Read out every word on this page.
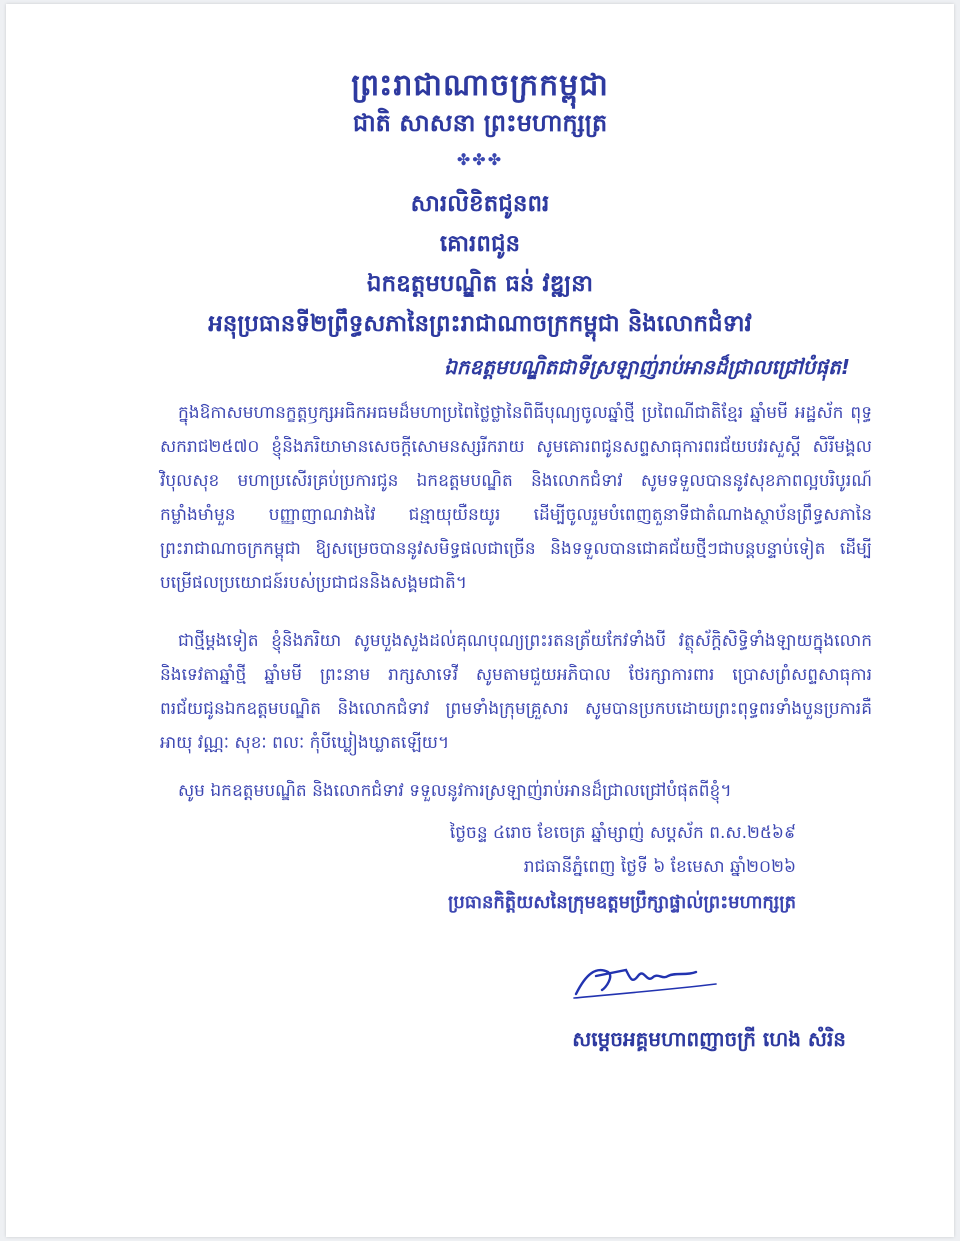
ព្រះរាជាណាចក្រកម្ពុជា
ជាតិ សាសនា ព្រះមហាក្សត្រ
✤✤✤
សារលិខិតជូនពរ
គោរពជូន
ឯកឧត្តមបណ្ឌិត ធន់ វឌ្ឍនា
អនុប្រធានទី២ព្រឹទ្ធសភានៃព្រះរាជាណាចក្រកម្ពុជា និងលោកជំទាវ
ឯកឧត្តមបណ្ឌិតជាទីស្រឡាញ់រាប់អានដ៏ជ្រាលជ្រៅបំផុត!
ក្នុងឱកាសមហានក្ខត្តឫក្សអធិកអធមដ៏មហាប្រពៃថ្លៃថ្លានៃពិធីបុណ្យចូលឆ្នាំថ្មី ប្រពៃណីជាតិខ្មែរ ឆ្នាំមមី អដ្ឋស័ក ពុទ្ធសករាជ២៥៧០ ខ្ញុំនិងភរិយាមានសេចក្តីសោមនស្សរីករាយ សូមគោរពជូនសព្ទសាធុការពរជ័យបវរសួស្តី សិរីមង្គល វិបុលសុខ មហាប្រសើរគ្រប់ប្រការជូន ឯកឧត្តមបណ្ឌិត និងលោកជំទាវ សូមទទួលបាននូវសុខភាពល្អបរិបូរណ៍ កម្លាំងមាំមួន បញ្ញាញាណវាងវៃ ជន្មាយុយឺនយូរ ដើម្បីចូលរួមបំពេញតួនាទីជាតំណាងស្ថាប័នព្រឹទ្ធសភានៃព្រះរាជាណាចក្រកម្ពុជា ឱ្យសម្រេចបាននូវសមិទ្ធផលជាច្រើន និងទទួលបានជោគជ័យថ្មីៗជាបន្តបន្ទាប់ទៀត ដើម្បីបម្រើផលប្រយោជន៍របស់ប្រជាជននិងសង្គមជាតិ។
ជាថ្មីម្តងទៀត ខ្ញុំនិងភរិយា សូមបួងសួងដល់គុណបុណ្យព្រះរតនត្រ័យកែវទាំងបី វត្ថុស័ក្តិសិទ្ធិទាំងឡាយក្នុងលោក និងទេវតាឆ្នាំថ្មី ឆ្នាំមមី ព្រះនាម រាក្សសាទេវី សូមតាមជួយអភិបាល ថែរក្សាការពារ ប្រោសព្រំសព្ទសាធុការពរជ័យជូនឯកឧត្តមបណ្ឌិត និងលោកជំទាវ ព្រមទាំងក្រុមគ្រួសារ សូមបានប្រកបដោយព្រះពុទ្ធពរទាំងបួនប្រការគឺ អាយុ វណ្ណៈ សុខៈ ពលៈ កុំបីឃ្លៀងឃ្លាតឡើយ។
សូម ឯកឧត្តមបណ្ឌិត និងលោកជំទាវ ទទួលនូវការស្រឡាញ់រាប់អានដ៏ជ្រាលជ្រៅបំផុតពីខ្ញុំ។
ថ្ងៃចន្ទ ៤រោច ខែចេត្រ ឆ្នាំម្សាញ់ សប្តស័ក ព.ស.២៥៦៩
រាជធានីភ្នំពេញ ថ្ងៃទី ៦ ខែមេសា ឆ្នាំ២០២៦
ប្រធានកិត្តិយសនៃក្រុមឧត្តមប្រឹក្សាផ្ទាល់ព្រះមហាក្សត្រ
សម្តេចអគ្គមហាពញាចក្រី ហេង សំរិន
